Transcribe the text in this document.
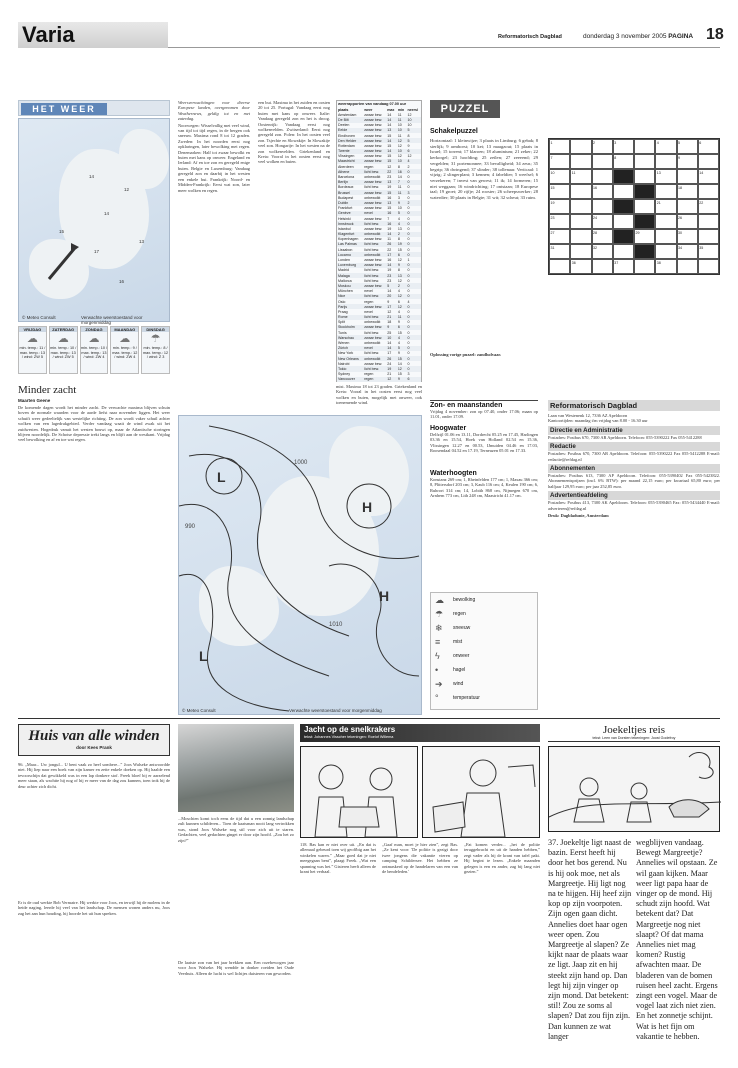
Varia	Reformatorisch Dagblad	donderdag 3 november 2005 PAGINA 18
HET WEER
14
12
14
15
17
13
16
© Meteo Consult	Verwachte weerstoestand voor morgenmiddag
VRIJDAG
☁
min. temp.: 11 / max. temp.: 13 / wind: ZW 5
ZATERDAG
☁
min. temp.: 10 / max. temp.: 13 / wind: ZW 5
ZONDAG
☁
min. temp.: 10 / max. temp.: 13 / wind: ZW 4
MAANDAG
☁
min. temp.: 9 / max. temp.: 12 / wind: ZW 4
DINSDAG
☂
min. temp.: 8 / max. temp.: 12 / wind: Z 3
Minder zacht
Maarten Geene
De komende dagen wordt het minder zacht. De verwachte maxima blijven schuin boven de normale waarden voor de aarde liefst naar november liggen. Het weer schuift weer gedeeltelijk van westelijke richting. De zon wordt vaker schuil achter wolken van een lagedrukgebied. Verder vandaag waait de wind zwak uit het zuidwesten. Hogedruk vanuit het westen bouwt op, maar de Atlantische storingen blijven noordelijk. De Schotse depressie trekt langs en blijft aan de westkant. Vrijdag veel bewolking en af en toe wat regen.

Weersverwachtingen voor diverse Europese landen, overgenomen door Weathernews, geldig tot en met zaterdag.

Noorwegen: Wisselvallig met veel wind, van tijd tot tijd regen, in de bergen ook sneeuw. Maxima rond 8 tot 12 graden. Zweden: In het noorden eerst nog opklaringen, later bewolking met regen. Denemarken: Half tot zwaar bewolkt en buien met kans op onweer. Engeland en Ierland: Af en toe zon en geregeld enige buien. Belgie en Luxemburg: Vandaag geregeld zon en daarbij in het westen een enkele bui. Frankrijk: Noord- en Midden-Frankrijk: Eerst wat zon, later meer wolken en regen.

een bui. Maxima in het zuiden en oosten 20 tot 25. Portugal: Vandaag eerst nog buien met kans op onweer. Italie: Vandaag geregeld zon en het is droog. Oostenrijk: Vandaag eerst nog wolkenvelden. Zwitserland: Eerst nog geregeld zon. Polen: In het oosten veel zon. Tsjechie en Slowakije: In Slowakije veel zon. Hongarije: In het westen na de zon wolkenvelden. Griekenland en Kreta: Vooral in het oosten eerst nog veel wolken en buien.
weerrapporten van vandaag 07.00 uur
plaats	weer	max	min	neersl
Amsterdam	zwaar bew.	14	11	12
De Bilt	zwaar bew.	14	11	10
Deelen	zwaar bew.	14	10	10
Eelde	zwaar bew.	13	10	5
Eindhoven	zwaar bew.	15	11	8
Den Helder	zwaar bew.	14	12	5
Rotterdam	zwaar bew.	15	12	9
Twente	zwaar bew.	14	10	6
Vlissingen	zwaar bew.	15	12	12
Maastricht	zwaar bew.	15	10	4
Aberdeen	regen	12	8	2
Athene	licht bew.	22	16	0
Barcelona	onbewolkt	23	14	0
Berlijn	zwaar bew.	13	7	0
Bordeaux	licht bew.	19	11	0
Brussel	zwaar bew.	15	11	3
Budapest	onbewolkt	16	3	0
Dublin	zwaar bew.	13	9	2
Frankfurt	zwaar bew.	15	10	0
Genève	nevel	16	5	0
Helsinki	zwaar bew.	7	4	0
Innsbruck	licht bew.	16	4	0
Istanbul	zwaar bew.	19	13	0
Klagenfurt	onbewolkt	14	2	0
Kopenhagen	zwaar bew.	11	8	0
Las Palmas	licht bew.	26	19	0
Lissabon	licht bew.	22	15	0
Locarno	onbewolkt	17	6	0
Londen	zwaar bew.	16	12	1
Luxemburg	zwaar bew.	14	9	0
Madrid	licht bew.	19	8	0
Malaga	licht bew.	23	13	0
Mallorca	licht bew.	23	12	0
Moskou	zwaar bew.	5	2	0
München	nevel	14	4	0
Nice	licht bew.	20	12	0
Oslo	regen	9	6	4
Parijs	zwaar bew.	17	12	0
Praag	nevel	12	4	0
Rome	licht bew.	21	11	0
Split	onbewolkt	18	9	0
Stockholm	zwaar bew.	9	6	0
Tunis	licht bew.	25	15	0
Warschau	zwaar bew.	10	4	0
Wenen	onbewolkt	14	4	0
Zürich	nevel	14	5	0
New York	licht bew.	17	9	0
New Orleans	onbewolkt	26	15	0
Nairobi	zwaar bew.	24	14	0
Tokio	licht bew.	19	12	0
Sydney	regen	21	15	3
Vancouver	regen	12	9	6
mist. Maxima 18 tot 23 graden. Griekenland en Kreta: Vooral in het oosten eerst nog veel wolken en buien, mogelijk met onweer, ook toenemende wind.
L
H
H
L
990
1000
1010
© Meteo Consult	Verwachte weerstoestand voor morgenmiddag
PUZZEL
Schakelpuzzel
Horizontaal: 1 kleinwijze; 3 plaats in Limburg; 6 gebak; 8 sierlijk; 9 armborst; 10 kei; 13 maagzout; 15 plaats in Israel; 15 torrent; 17 klaroen; 18 aluminium; 21 zeker; 22 kerkorgel; 23 hoofding; 25 zeilen; 27 zeeeend; 29 vergelden; 31 portemonnee; 33 bevalligheid; 34 zeus; 35 begrip; 36 dwingend; 37 slinder; 38 tollenaar. Verticaal: 1 vijzig; 2 slingerplant; 3 kennen; 4 fabeldier; 5 weefsel; 6 verzekeren; 7 invest van gewest; 11 ik; 14 formeren; 15 niet weggaan; 16 windrichting; 17 ontstaan; 18 Europese taal; 19 groet; 20 rijfje; 24 rooster; 26 scheepswerker; 28 waterdier; 30 plaats in Belgie; 31 wit; 32 scheut; 33 ruim.
Oplossing vorige puzzel: zandholvaar.
1	2	3	4	5	6
7	8	9
10	11	13	14
15	16	18
19	21	22
23	24	26
27	28	29	30
31	32	34	35
36	37	38
Zon- en maanstanden
Vrijdag 4 november: zon op 07.40, onder 17.06; maan op 11.01, onder 17.09.
Hoogwater
Delfzijl 01.06 en 13.11, Dordrecht 05.25 en 17.45, Harlingen 03.36 en 15.54, Hoek van Holland 02.54 en 15.36, Vlissingen 12.27 en 00.53, IJmuiden 04.46 en 17.03, Roosendaal 04.52 en 17.19, Terneuzen 05.01 en 17.33.
Waterhoogten
Konstanz 269 cm; 1, Rheinfelden 177 cm; 1, Maxau 366 cm; 8, Plittersdorf 203 cm; 3, Kaub 116 cm; 4, Keulen 190 cm; 6, Ruhrort 314 cm; 14, Lobith 868 cm, Nijmegen 670 cm, Arnhem 773 cm, Lith 248 cm, Maastricht 41.17 cm.
☁	bewolking
☂	regen
❄	sneeuw
≡	mist
ϟ	onweer
•	hagel
➔	wind
°	temperatuur
Reformatorisch Dagblad
Laan van Westenenk 12, 7336 AZ Apeldoorn
Kantoortijden: maandag t/m vrijdag van 8.00 - 16.30 uur
Directie en Administratie
Postadres: Postbus 670, 7300 AR Apeldoorn. Telefoon: 055-5390222 Fax 055-5412288
Redactie
Postadres: Postbus 670, 7300 AR Apeldoorn. Telefoon: 055-5390222 Fax 055-5412288 E-mail: redactie@refdag.nl
Abonnementen
Postadres: Postbus 613, 7300 AP Apeldoorn. Telefoon: 055-5390402 Fax 055-5423822. Abonnementsprijzen (incl. 6% BTW): per maand 22,15 euro; per kwartaal 65,80 euro; per halfjaar 129,95 euro; per jaar 252,85 euro.
Advertentieafdeling
Postadres: Postbus 413, 7300 AK Apeldoorn. Telefoon: 055-5390465 Fax: 055-5434440 E-mail: adverteren@refdag.nl
Druk: Dagbladunie, Amsterdam
Huis van alle winden
door Kees Prank
96. „Maar... Uw jongul... U bent vaak zo heel sombere...” Joos Walseke antwoordde niet. Hij liep naar een boek van zijn kamer en zette enkele doeken op. Hij haalde een tevoorschijn dat gewikkeld was in een lap donkere stof. Freek bloef bij er aarzelend meer staan, als wachtte hij nog of hij er meer van de dag zou kunnen, toen trok hij de deur achter zich dicht.
...Moschien komt toch eens de tijd dat u een zonnig landschap zult kunnen schilderen... Toen de kaatsman nooit lang vertrokken was, stond Joos Walseke nog stil voor zich uit te staren. Gedachten, veel gedachten ginget er door zijn hoofd. „Zou het zo zijn?”
Er is de oud werkte Bob Vermaire. Hij werkte voor Joos, en terwijl hij de molens in de heide naging, leerde hij veel van het landschap. De mensen wonen anders nu, Joos zag het aan hun houding, hij hoorde het uit hun spreken.
De laatste zon van het jaar brekken aan. Een rozebewogen jaar voor Joos Walseke. Hij wendde in donker roeiden het Oude Veerhuis. Alleen de lucht is wel lichtjes duisteren van geworden.
Jacht op de snelkrakers
tekst: Johannes Visscher tekeningen: Roelof Willema
118. Bas kan er niet over uit. „En dat is allemaal gebeurd toen wij geoffbig aan het winkelen waren.” „Maar goed dat je niet meegegaan bent”, plaagt Freek. „Wat een spanning was het.” Gisteren heeft alleen de krant het verhaal.
„Gaaf man, moet je hier zien”, zegt Bas. „Ze kent voor: 'De politie is gezigt door twee jongens die vakantie vieren op camping Schildersee. Het hebben ze ontmaskerd op de handelaren van een van de bendeleden.'
„Fat komen verder... „het de politie teruggebracht en uit de handen hebben,” zegt vader als hij de krant van tafel pakt. Hij begint te lezen. „Enkele maanden gelegen is een en ander, zag bij lang niet gezien.”
Joekeltjes reis
tekst: Leen van Dorsten tekeningen: Joost Godefroy
37. Joekeltje ligt naast de bazin. Eerst heeft hij door het bos gerend. Nu is hij ook moe, net als Margreetje. Hij ligt nog na te hijgen. Hij heef zijn kop op zijn voorpoten. Zijn ogen gaan dicht. Annelies doet haar ogen weer open. Zou Margreetje al slapen? Ze kijkt naar de plaats waar ze ligt. Jaap zit en hij steekt zijn hand op. Dan legt hij zijn vinger op zijn mond. Dat betekent: stil! Zou ze soms al slapen? Dat zou fijn zijn. Dan kunnen ze wat langer
wegblijven vandaag. Bewegt Margreetje? Annelies wil opstaan. Ze wil gaan kijken. Maar weer ligt papa haar de vinger op de mond. Hij schudt zijn hoofd. Wat betekent dat? Dat Margreetje nog niet slaapt? Of dat mama Annelies niet mag komen? Rustig afwachten maar. De bladeren van de bomen ruisen heel zacht. Ergens zingt een vogel. Maar de vogel laat zich niet zien. En het zonnetje schijnt. Wat is het fijn om vakantie te hebben.
